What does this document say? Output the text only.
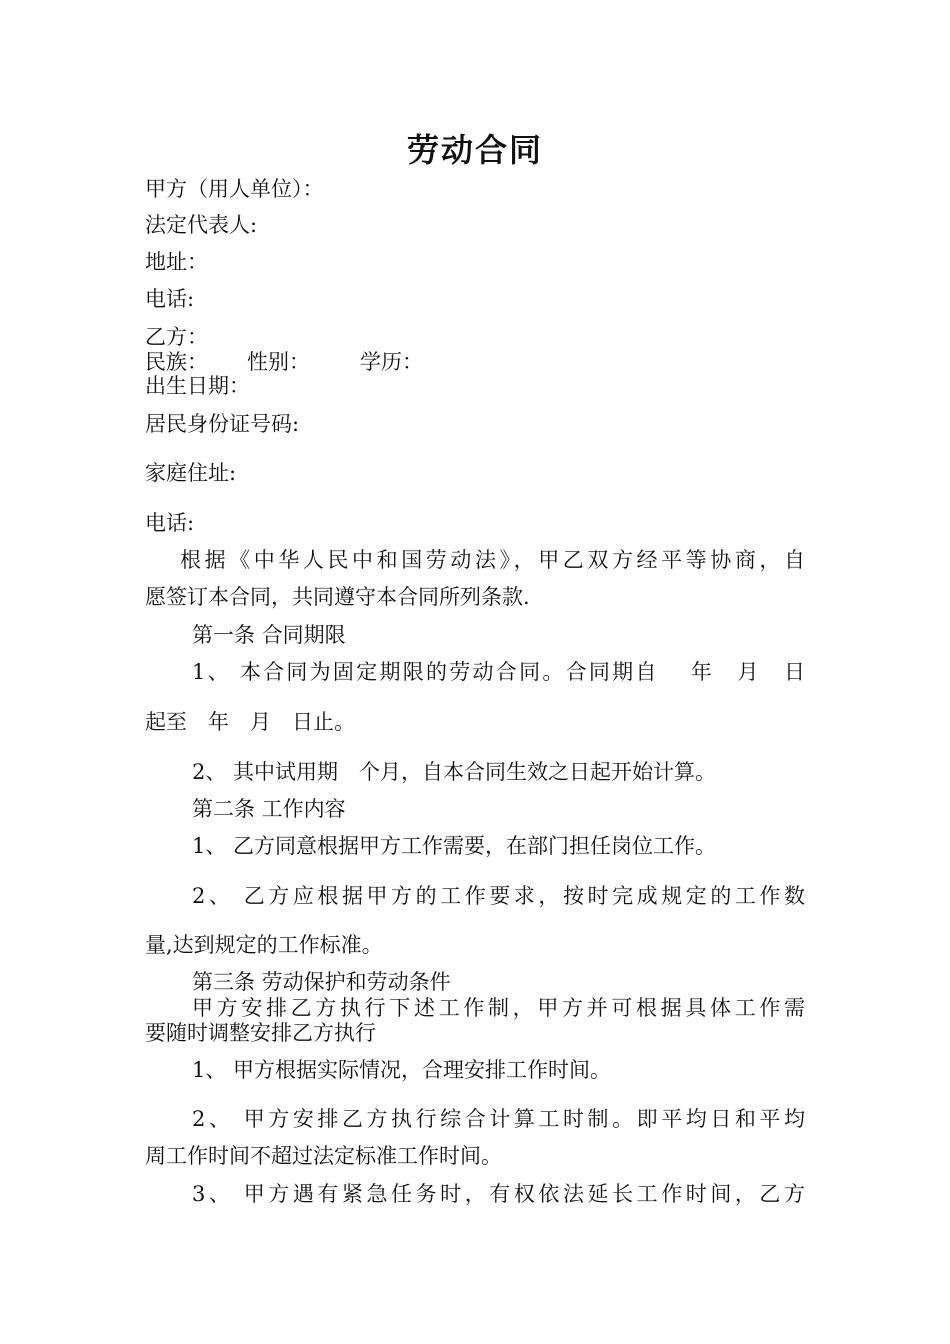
劳动合同
甲方（用人单位）：
法定代表人:
地址：
电话:
乙方：
民族： 性别： 学历：
出生日期：
居民身份证号码:
家庭住址:
电话:
根据《中华人民中和国劳动法》，甲乙双方经平等协商，自
愿签订本合同，共同遵守本合同所列条款.
第一条 合同期限
1、 本合同为固定期限的劳动合同。合同期自　 年　月　日
起至　年　月　日止。
2、 其中试用期　个月，自本合同生效之日起开始计算。
第二条 工作内容
1、 乙方同意根据甲方工作需要，在部门担任岗位工作。
2、 乙方应根据甲方的工作要求，按时完成规定的工作数
量,达到规定的工作标准。
第三条 劳动保护和劳动条件
甲方安排乙方执行下述工作制，甲方并可根据具体工作需
要随时调整安排乙方执行
1、 甲方根据实际情况，合理安排工作时间。
2、 甲方安排乙方执行综合计算工时制。即平均日和平均
周工作时间不超过法定标准工作时间。
3、 甲方遇有紧急任务时，有权依法延长工作时间，乙方
